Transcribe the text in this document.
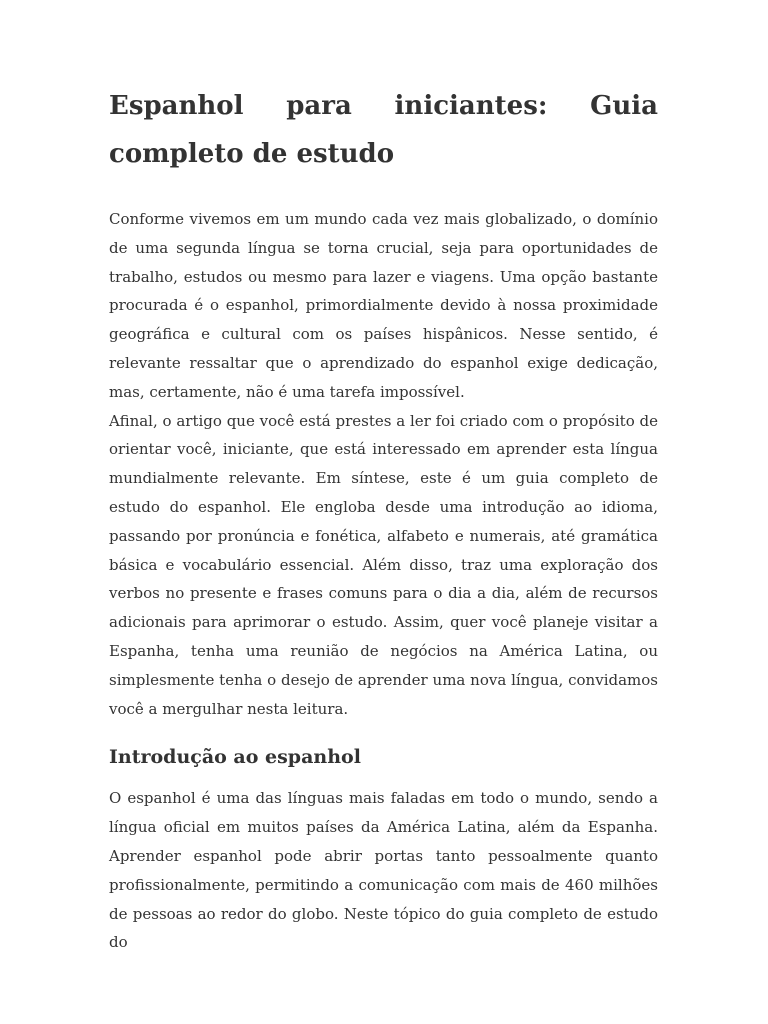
Espanhol para iniciantes: Guia completo de estudo

Conforme vivemos em um mundo cada vez mais globalizado, o domínio de uma segunda língua se torna crucial, seja para oportunidades de trabalho, estudos ou mesmo para lazer e viagens. Uma opção bastante procurada é o espanhol, primordialmente devido à nossa proximidade geográfica e cultural com os países hispânicos. Nesse sentido, é relevante ressaltar que o aprendizado do espanhol exige dedicação, mas, certamente, não é uma tarefa impossível.

Afinal, o artigo que você está prestes a ler foi criado com o propósito de orientar você, iniciante, que está interessado em aprender esta língua mundialmente relevante. Em síntese, este é um guia completo de estudo do espanhol. Ele engloba desde uma introdução ao idioma, passando por pronúncia e fonética, alfabeto e numerais, até gramática básica e vocabulário essencial. Além disso, traz uma exploração dos verbos no presente e frases comuns para o dia a dia, além de recursos adicionais para aprimorar o estudo. Assim, quer você planeje visitar a Espanha, tenha uma reunião de negócios na América Latina, ou simplesmente tenha o desejo de aprender uma nova língua, convidamos você a mergulhar nesta leitura.

Introdução ao espanhol

O espanhol é uma das línguas mais faladas em todo o mundo, sendo a língua oficial em muitos países da América Latina, além da Espanha. Aprender espanhol pode abrir portas tanto pessoalmente quanto profissionalmente, permitindo a comunicação com mais de 460 milhões de pessoas ao redor do globo. Neste tópico do guia completo de estudo do
